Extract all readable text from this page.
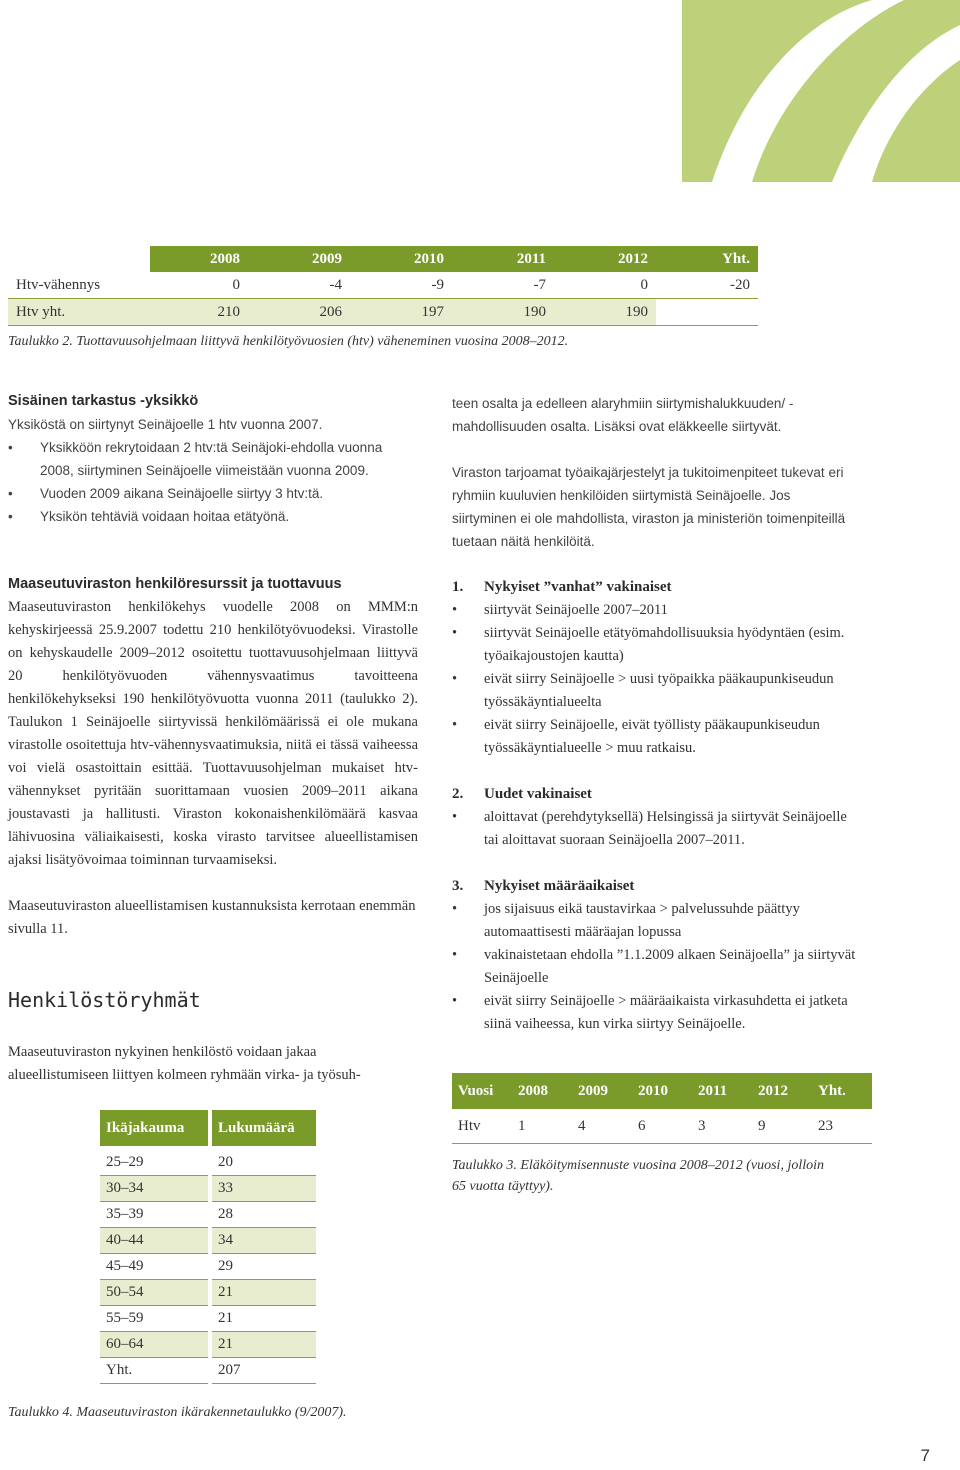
	2008	2009	2010	2011	2012	Yht.
Htv-vähennys	0	-4	-9	-7	0	-20
Htv yht.	210	206	197	190	190	
Taulukko 2. Tuottavuusohjelmaan liittyvä henkilötyövuosien (htv) väheneminen vuosina 2008–2012.
Sisäinen tarkastus -yksikkö
Yksiköstä on siirtynyt Seinäjoelle 1 htv vuonna 2007.
• Yksikköön rekrytoidaan 2 htv:tä Seinäjoki-ehdolla vuonna 2008, siirtyminen Seinäjoelle viimeistään vuonna 2009.
• Vuoden 2009 aikana Seinäjoelle siirtyy 3 htv:tä.
• Yksikön tehtäviä voidaan hoitaa etätyönä.
Maaseutuviraston henkilöresurssit ja tuottavuus
Maaseutuviraston henkilökehys vuodelle 2008 on MMM:n kehyskirjeessä 25.9.2007 todettu 210 henkilötyövuodeksi. Virastolle on kehyskaudelle 2009–2012 osoitettu tuottavuusohjelmaan liittyvä 20 henkilötyövuoden vähennysvaatimus tavoitteena henkilökehykseksi 190 henkilötyövuotta vuonna 2011 (taulukko 2). Taulukon 1 Seinäjoelle siirtyvissä henkilömäärissä ei ole mukana virastolle osoitettuja htv-vähennysvaatimuksia, niitä ei tässä vaiheessa voi vielä osastoittain esittää. Tuottavuusohjelman mukaiset htv-vähennykset pyritään suorittamaan vuosien 2009–2011 aikana joustavasti ja hallitusti. Viraston kokonaishenkilömäärä kasvaa lähivuosina väliaikaisesti, koska virasto tarvitsee alueellistamisen ajaksi lisätyövoimaa toiminnan turvaamiseksi.
Maaseutuviraston alueellistamisen kustannuksista kerrotaan enemmän sivulla 11.
Henkilöstöryhmät
Maaseutuviraston nykyinen henkilöstö voidaan jakaa alueellistumiseen liittyen kolmeen ryhmään virka- ja työsuh-
Ikäjakauma		Lukumäärä
25–29		20
30–34		33
35–39		28
40–44		34
45–49		29
50–54		21
55–59		21
60–64		21
Yht.		207
Taulukko 4. Maaseutuviraston ikärakennetaulukko (9/2007).
teen osalta ja edelleen alaryhmiin siirtymishalukkuuden/ - mahdollisuuden osalta. Lisäksi ovat eläkkeelle siirtyvät.
Viraston tarjoamat työaikajärjestelyt ja tukitoimenpiteet tukevat eri ryhmiin kuuluvien henkilöiden siirtymistä Seinäjoelle. Jos siirtyminen ei ole mahdollista, viraston ja ministeriön toimenpiteillä tuetaan näitä henkilöitä.
1. Nykyiset ”vanhat” vakinaiset
• siirtyvät Seinäjoelle 2007–2011
• siirtyvät Seinäjoelle etätyömahdollisuuksia hyödyntäen (esim. työaikajoustojen kautta)
• eivät siirry Seinäjoelle > uusi työpaikka pääkaupunkiseudun työssäkäyntialueelta
• eivät siirry Seinäjoelle, eivät työllisty pääkaupunkiseudun työssäkäyntialueelle > muu ratkaisu.
2. Uudet vakinaiset
• aloittavat (perehdytyksellä) Helsingissä ja siirtyvät Seinäjoelle tai aloittavat suoraan Seinäjoella 2007–2011.
3. Nykyiset määräaikaiset
• jos sijaisuus eikä taustavirkaa > palvelussuhde päättyy automaattisesti määräajan lopussa
• vakinaistetaan ehdolla ”1.1.2009 alkaen Seinäjoella” ja siirtyvät Seinäjoelle
• eivät siirry Seinäjoelle > määräaikaista virkasuhdetta ei jatketa siinä vaiheessa, kun virka siirtyy Seinäjoelle.
Vuosi	2008	2009	2010	2011	2012	Yht.
Htv	1	4	6	3	9	23
Taulukko 3. Eläköitymisennuste vuosina 2008–2012 (vuosi, jolloin 65 vuotta täyttyy).
7
